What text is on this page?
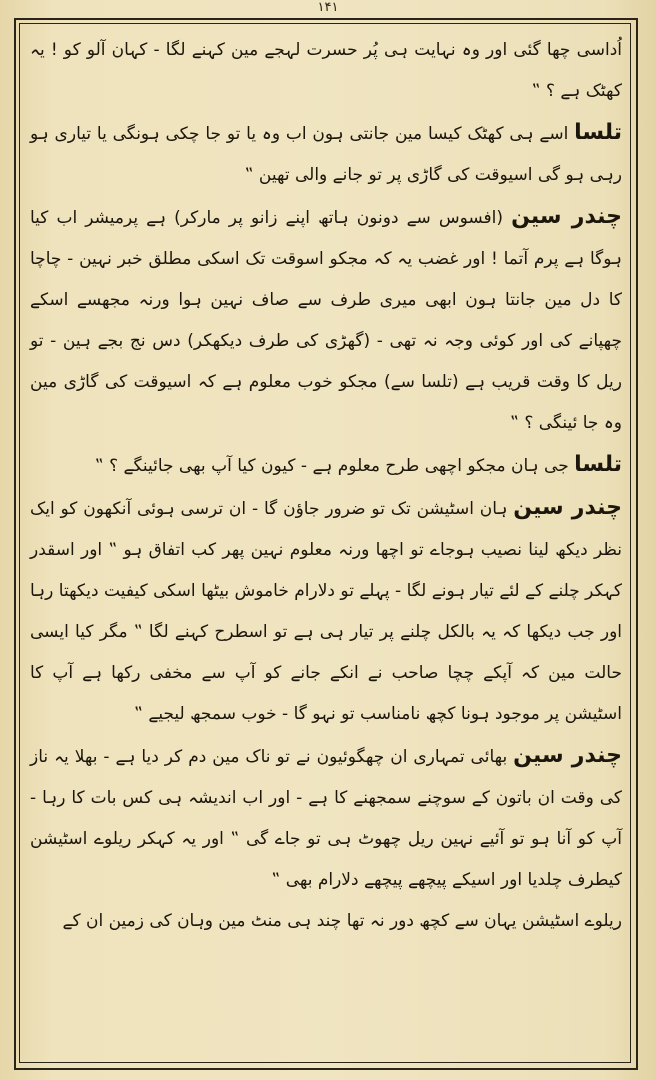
۱۴۱

اُداسی چھا گئی اور وہ نہایت ہی پُر حسرت لہجے مین کہنے لگا - کہان آلو کو ! یہ کھٹک ہے ؟ ‟

تلسا اسے ہی کھٹک کیسا مین جانتی ہون اب وہ یا تو جا چکی ہونگی یا تیاری ہو رہی ہو گی اسیوقت کی گاڑی پر تو جانے والی تھین ‟

چندر سین (افسوس سے دونون ہاتھ اپنے زانو پر مارکر) ہے پرمیشر اب کیا ہوگا ہے پرم آتما ! اور غضب یہ کہ مجکو اسوقت تک اسکی مطلق خبر نہین - چاچا کا دل مین جانتا ہون ابھی میری طرف سے صاف نہین ہوا ورنہ مجھسے اسکے چھپانے کی اور کوئی وجہ نہ تھی - (گھڑی کی طرف دیکھکر) دس نج بجے ہین - تو ریل کا وقت قریب ہے (تلسا سے) مجکو خوب معلوم ہے کہ اسیوقت کی گاڑی مین وہ جا ئینگی ؟ ‟

تلسا جی ہان مجکو اچھی طرح معلوم ہے - کیون کیا آپ بھی جائینگے ؟ ‟

چندر سین ہان اسٹیشن تک تو ضرور جاؤن گا - ان ترسی ہوئی آنکھون کو ایک نظر دیکھ لینا نصیب ہوجاے تو اچھا ورنہ معلوم نہین پھر کب اتفاق ہو ‟ اور اسقدر کہکر چلنے کے لئے تیار ہونے لگا - پہلے تو دلارام خاموش بیٹھا اسکی کیفیت دیکھتا رہا اور جب دیکھا کہ یہ بالکل چلنے پر تیار ہی ہے تو اسطرح کہنے لگا ‟ مگر کیا ایسی حالت مین کہ آپکے چچا صاحب نے انکے جانے کو آپ سے مخفی رکھا ہے آپ کا اسٹیشن پر موجود ہونا کچھ نامناسب تو نہو گا - خوب سمجھ لیجیے ‟

چندر سین بھائی تمہاری ان چھگوئیون نے تو ناک مین دم کر دیا ہے - بھلا یہ ناز کی وقت ان باتون کے سوچنے سمجھنے کا ہے - اور اب اندیشہ ہی کس بات کا رہا - آپ کو آنا ہو تو آئیے نہین ریل چھوٹ ہی تو جاے گی ‟ اور یہ کہکر ریلوے اسٹیشن کیطرف چلدیا اور اسیکے پیچھے پیچھے دلارام بھی ‟

ریلوے اسٹیشن یہان سے کچھ دور نہ تھا چند ہی منٹ مین وہان کی زمین ان کے
